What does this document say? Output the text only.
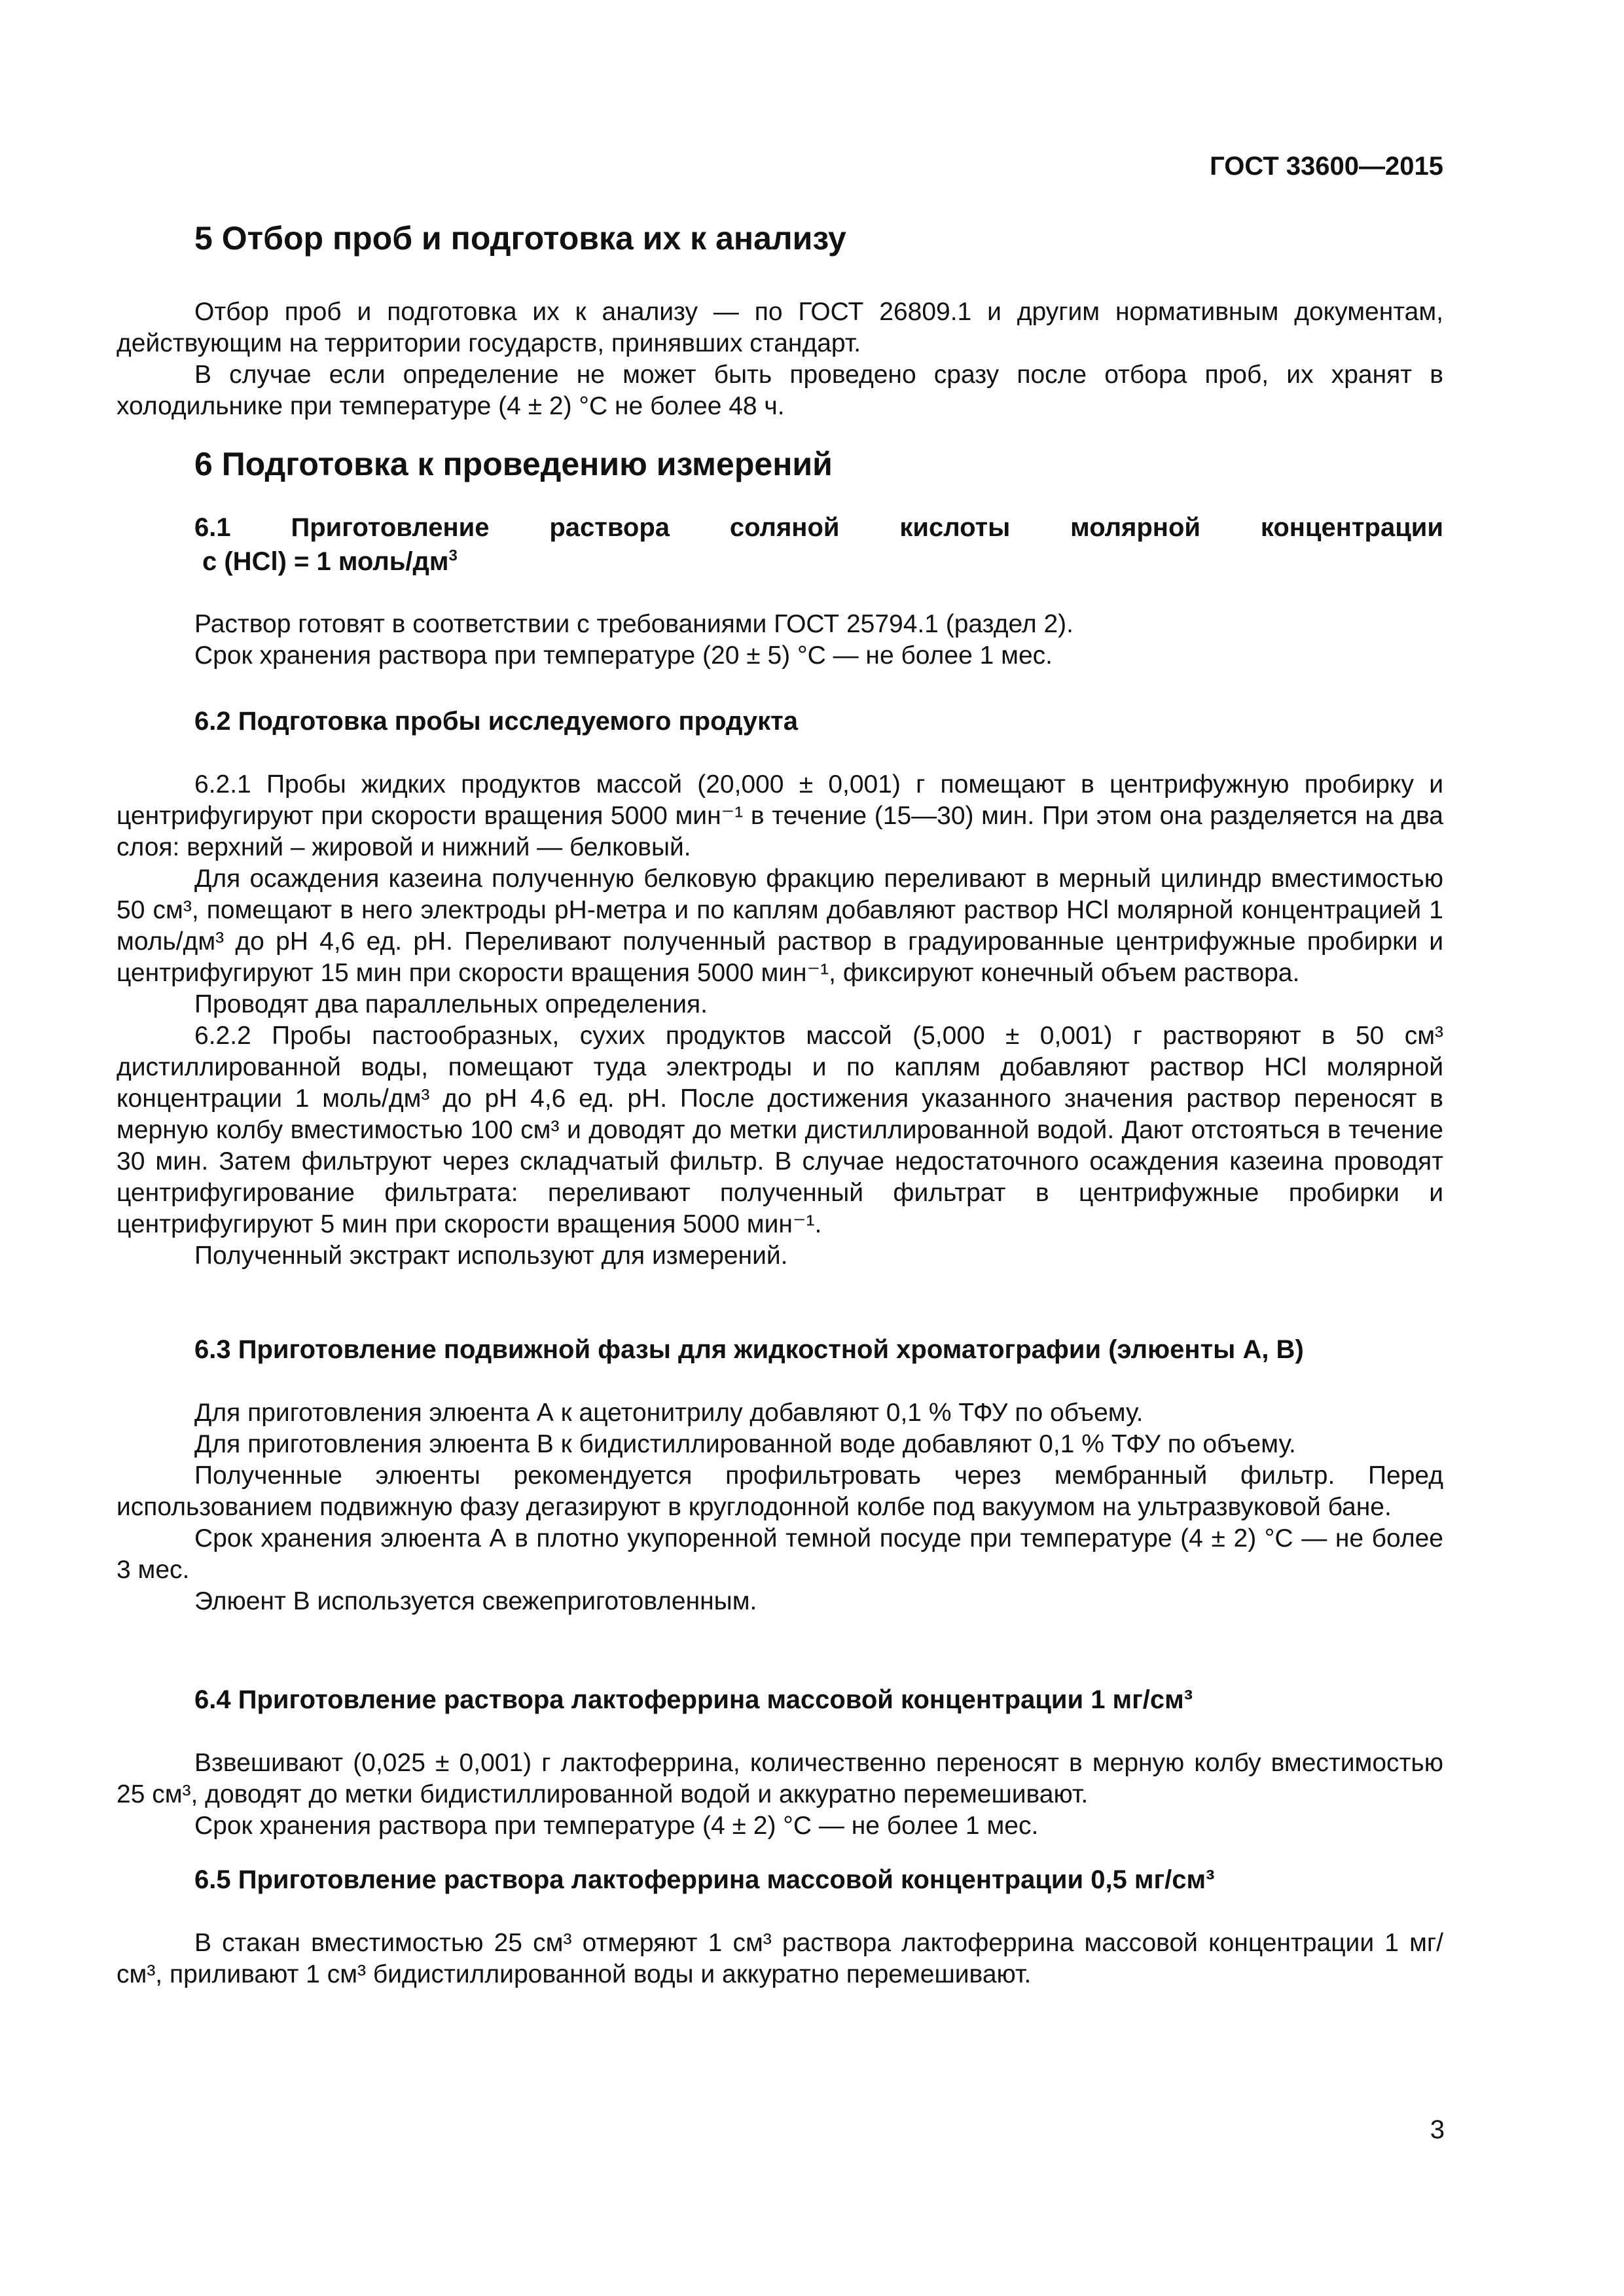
ГОСТ 33600—2015
5 Отбор проб и подготовка их к анализу

Отбор проб и подготовка их к анализу — по ГОСТ 26809.1 и другим нормативным документам, действующим на территории государств, принявших стандарт.

В случае если определение не может быть проведено сразу после отбора проб, их хранят в холодильнике при температуре (4 ± 2) °С не более 48 ч.

6 Подготовка к проведению измерений
6.1 Приготовление раствора соляной кислоты молярной концентрации
с (HCl) = 1 моль/$дм^3$

Раствор готовят в соответствии с требованиями ГОСТ 25794.1 (раздел 2).

Срок хранения раствора при температуре (20 ± 5) °С — не более 1 мес.

6.2 Подготовка пробы исследуемого продукта

6.2.1 Пробы жидких продуктов массой (20,000 ± 0,001) г помещают в центрифужную пробирку и центрифугируют при скорости вращения 5000 мин⁻¹ в течение (15—30) мин. При этом она разделяется на два слоя: верхний – жировой и нижний — белковый.

Для осаждения казеина полученную белковую фракцию переливают в мерный цилиндр вместимостью 50 см³, помещают в него электроды pH-метра и по каплям добавляют раствор HCl молярной концентрацией 1 моль/дм³ до pH 4,6 ед. pH. Переливают полученный раствор в градуированные центрифужные пробирки и центрифугируют 15 мин при скорости вращения 5000 мин⁻¹, фиксируют конечный объем раствора.

Проводят два параллельных определения.

6.2.2 Пробы пастообразных, сухих продуктов массой (5,000 ± 0,001) г растворяют в 50 см³ дистиллированной воды, помещают туда электроды и по каплям добавляют раствор HCl молярной концентрации 1 моль/дм³ до pH 4,6 ед. pH. После достижения указанного значения раствор переносят в мерную колбу вместимостью 100 см³ и доводят до метки дистиллированной водой. Дают отстояться в течение 30 мин. Затем фильтруют через складчатый фильтр. В случае недостаточного осаждения казеина проводят центрифугирование фильтрата: переливают полученный фильтрат в центрифужные пробирки и центрифугируют 5 мин при скорости вращения 5000 мин⁻¹.

Полученный экстракт используют для измерений.

6.3 Приготовление подвижной фазы для жидкостной хроматографии (элюенты А, В)

Для приготовления элюента А к ацетонитрилу добавляют 0,1 % ТФУ по объему.

Для приготовления элюента В к бидистиллированной воде добавляют 0,1 % ТФУ по объему.

Полученные элюенты рекомендуется профильтровать через мембранный фильтр. Перед использованием подвижную фазу дегазируют в круглодонной колбе под вакуумом на ультразвуковой бане.

Срок хранения элюента А в плотно укупоренной темной посуде при температуре (4 ± 2) °С — не более 3 мес.

Элюент В используется свежеприготовленным.

6.4 Приготовление раствора лактоферрина массовой концентрации 1 мг/см³

Взвешивают (0,025 ± 0,001) г лактоферрина, количественно переносят в мерную колбу вместимостью 25 см³, доводят до метки бидистиллированной водой и аккуратно перемешивают.

Срок хранения раствора при температуре (4 ± 2) °С — не более 1 мес.

6.5 Приготовление раствора лактоферрина массовой концентрации 0,5 мг/см³

В стакан вместимостью 25 см³ отмеряют 1 см³ раствора лактоферрина массовой концентрации 1 мг/см³, приливают 1 см³ бидистиллированной воды и аккуратно перемешивают.

3
